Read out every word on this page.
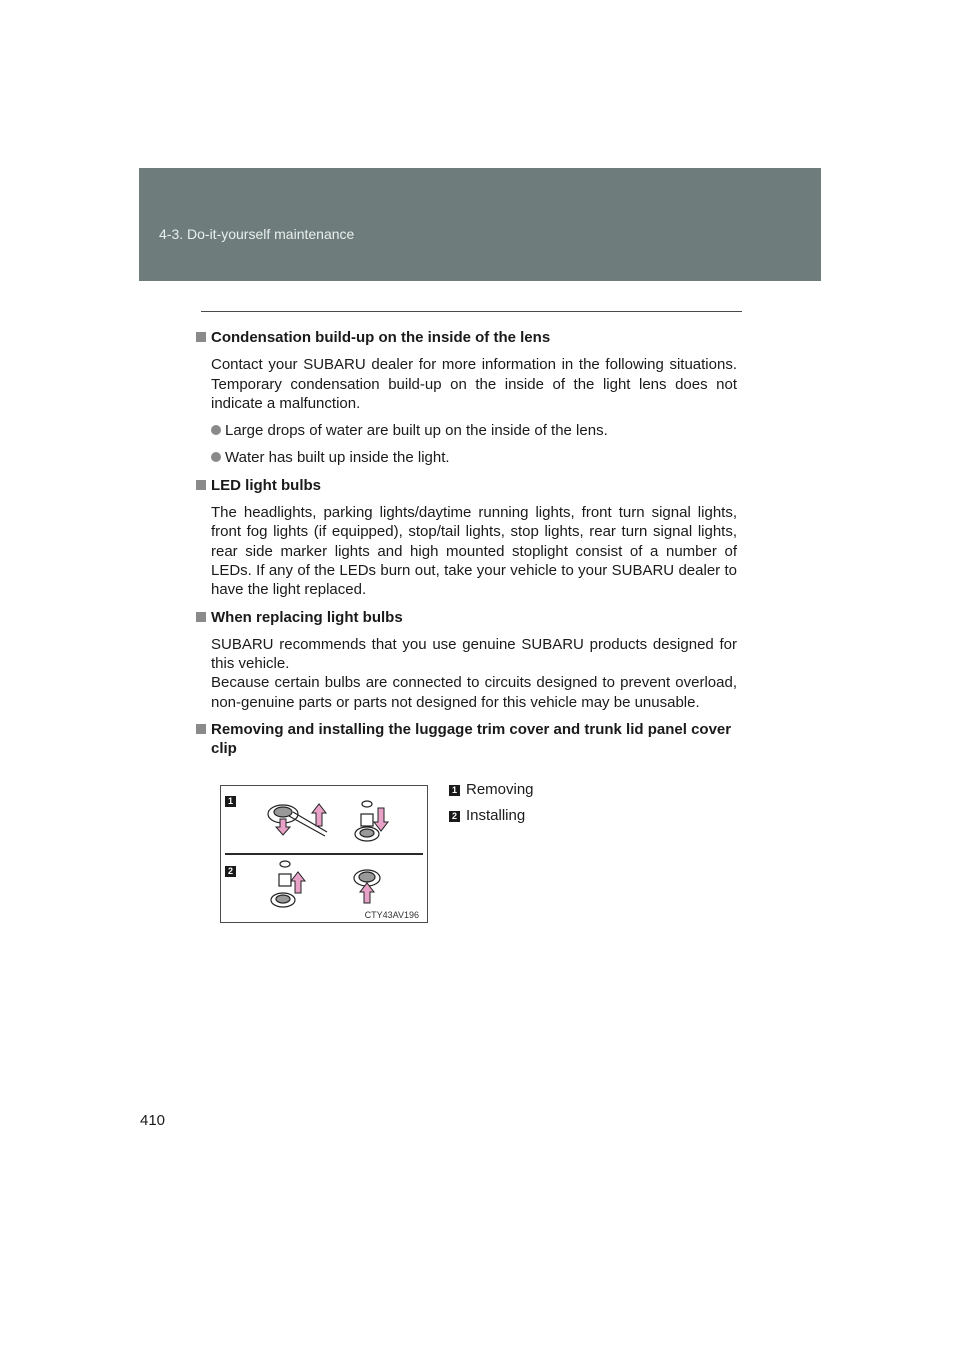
4-3. Do-it-yourself maintenance
Condensation build-up on the inside of the lens

Contact your SUBARU dealer for more information in the following situations. Temporary condensation build-up on the inside of the light lens does not indicate a malfunction.

Large drops of water are built up on the inside of the lens.
Water has built up inside the light.
LED light bulbs

The headlights, parking lights/daytime running lights, front turn signal lights, front fog lights (if equipped), stop/tail lights, stop lights, rear turn signal lights, rear side marker lights and high mounted stoplight consist of a number of LEDs. If any of the LEDs burn out, take your vehicle to your SUBARU dealer to have the light replaced.

When replacing light bulbs

SUBARU recommends that you use genuine SUBARU products designed for this vehicle.

Because certain bulbs are connected to circuits designed to prevent overload, non-genuine parts or parts not designed for this vehicle may be unusable.

Removing and installing the luggage trim cover and trunk lid panel cover clip
1
2
CTY43AV196
1 Removing
2 Installing
410
